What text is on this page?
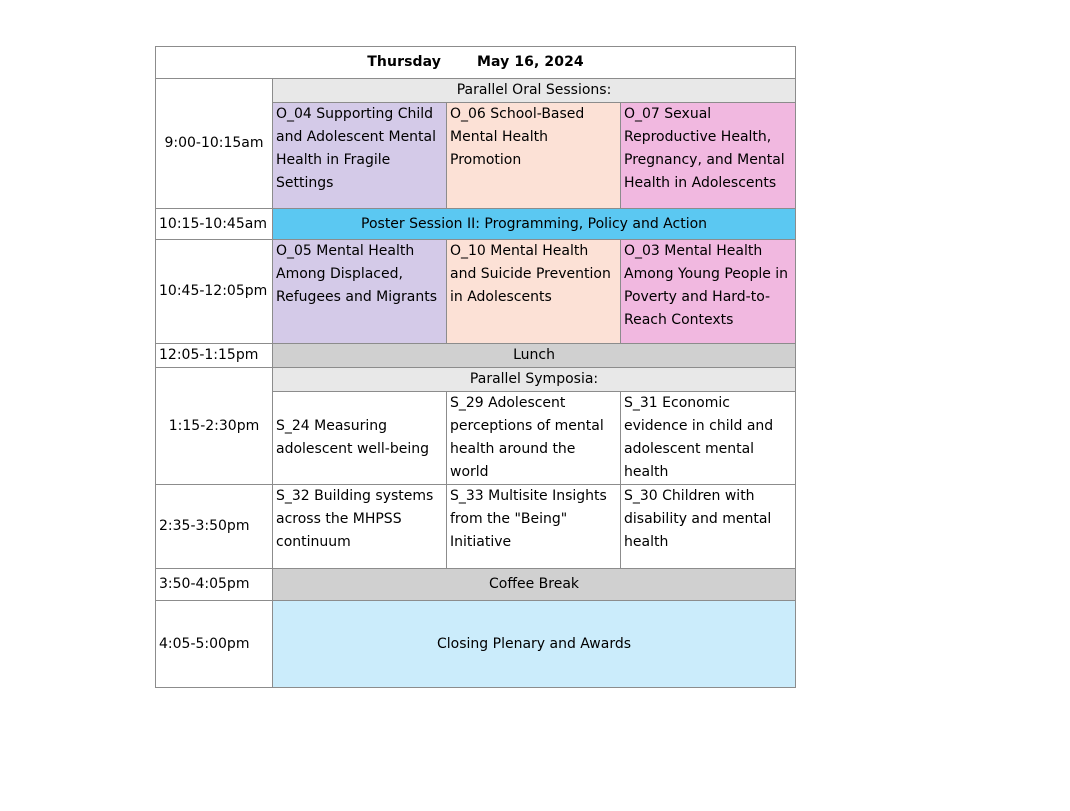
Thursday May 16, 2024			
9:00-10:15am	Parallel Oral Sessions:		
	O_04 Supporting Child and Adolescent Mental Health in Fragile Settings	O_06 School-Based Mental Health Promotion	O_07 Sexual Reproductive Health, Pregnancy, and Mental Health in Adolescents
10:15-10:45am	Poster Session II: Programming, Policy and Action		
10:45-12:05pm	O_05 Mental Health Among Displaced, Refugees and Migrants	O_10 Mental Health and Suicide Prevention in Adolescents	O_03 Mental Health Among Young People in Poverty and Hard-to-Reach Contexts
12:05-1:15pm	Lunch		
1:15-2:30pm	Parallel Symposia:		
	S_24 Measuring adolescent well-being	S_29 Adolescent perceptions of mental health around the world	S_31 Economic evidence in child and adolescent mental health
2:35-3:50pm	S_32 Building systems across the MHPSS continuum	S_33 Multisite Insights from the "Being" Initiative	S_30 Children with disability and mental health
3:50-4:05pm	Coffee Break		
4:05-5:00pm	Closing Plenary and Awards		
